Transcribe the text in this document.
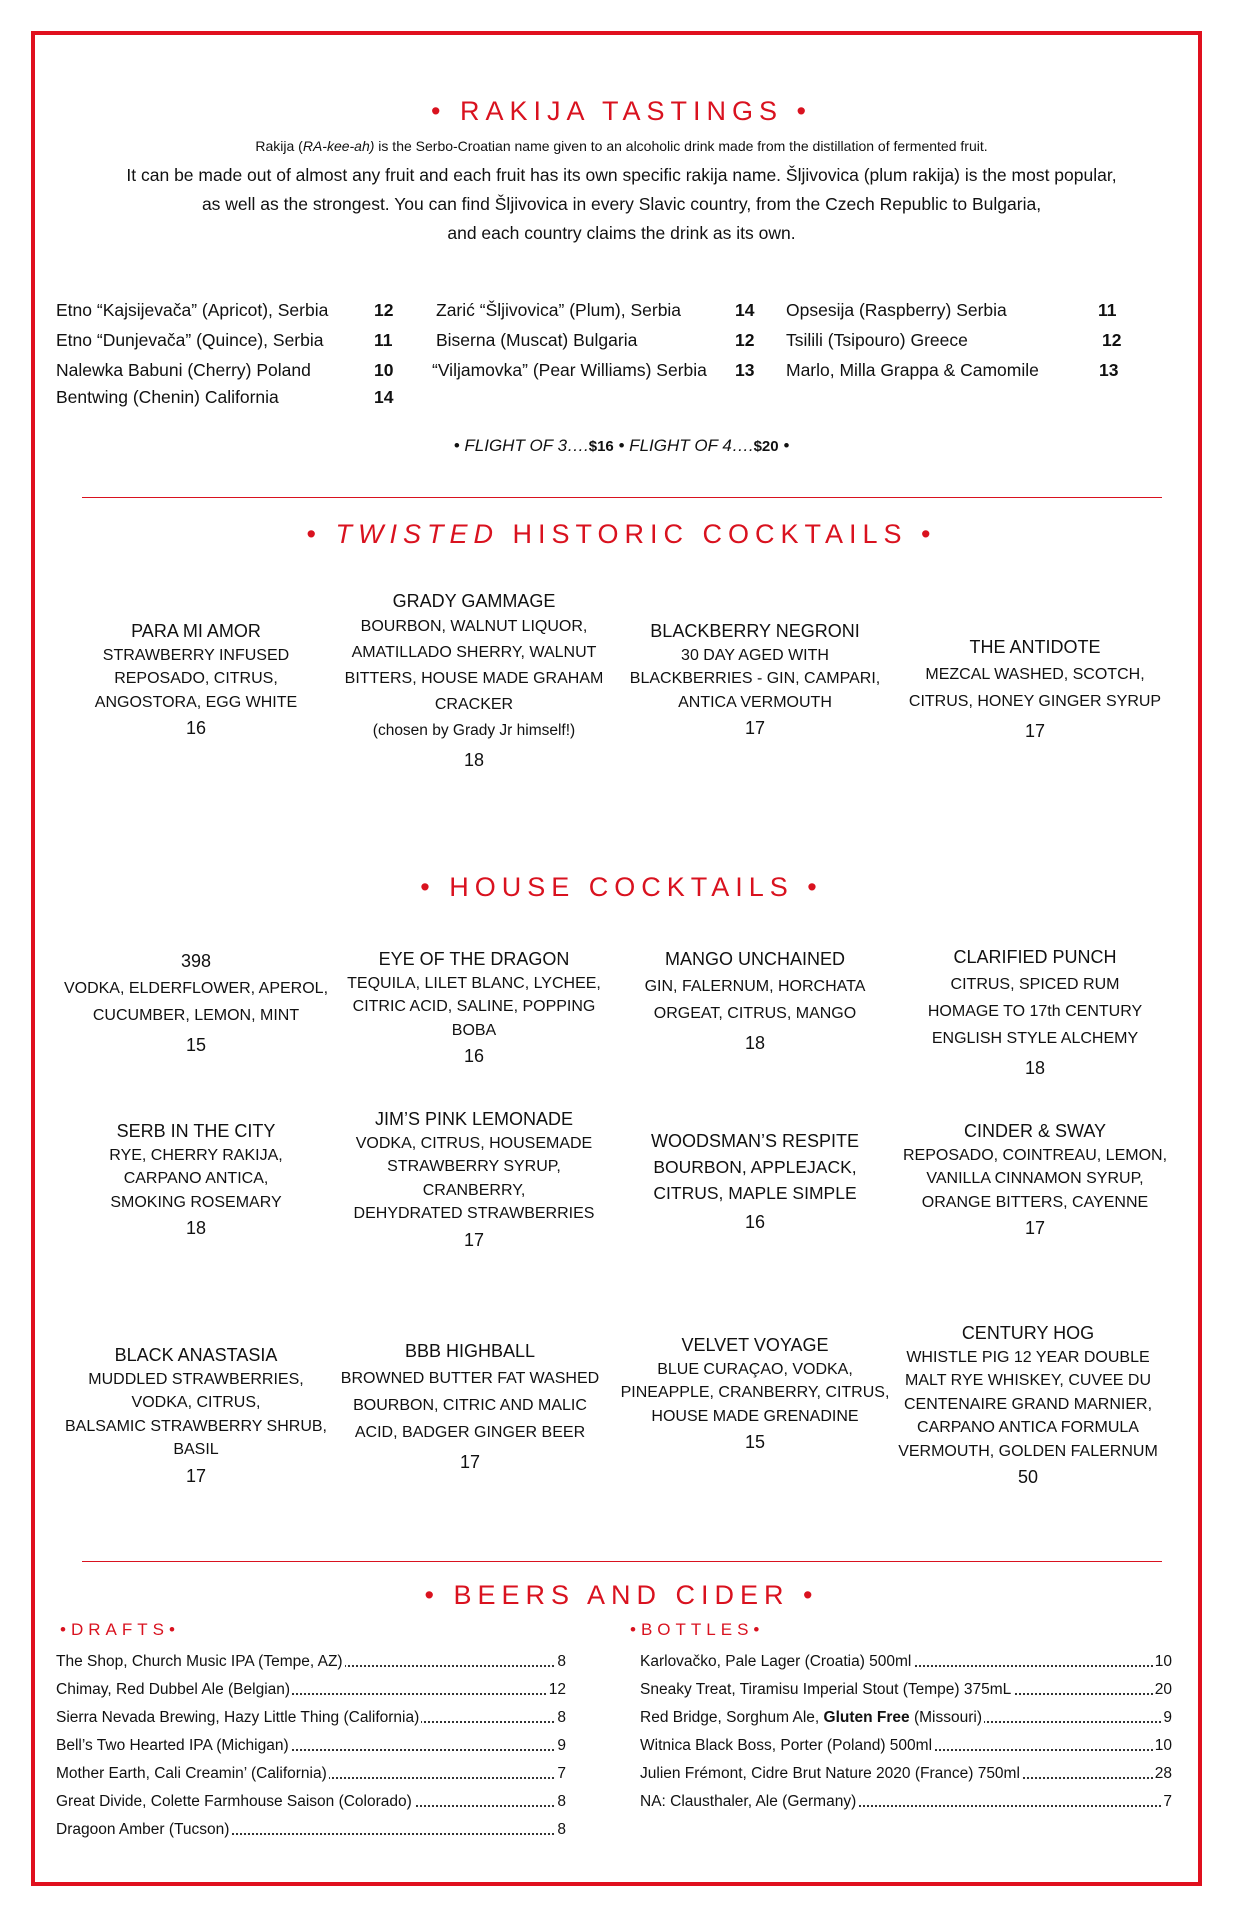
• RAKIJA TASTINGS •
Rakija (RA-kee-ah) is the Serbo-Croatian name given to an alcoholic drink made from the distillation of fermented fruit.
It can be made out of almost any fruit and each fruit has its own specific rakija name. Šljivovica (plum rakija) is the most popular,
as well as the strongest. You can find Šljivovica in every Slavic country, from the Czech Republic to Bulgaria,
and each country claims the drink as its own.
Etno “Kajsijevača” (Apricot), Serbia	12
Etno “Dunjevača” (Quince), Serbia	11
Nalewka Babuni (Cherry) Poland	10
Bentwing (Chenin) California	14
Zarić “Šljivovica” (Plum), Serbia	14
Biserna (Muscat) Bulgaria	12
“Viljamovka” (Pear Williams) Serbia 13
Opsesija (Raspberry) Serbia	11
Tsilili (Tsipouro) Greece	12
Marlo, Milla Grappa & Camomile	13
• FLIGHT OF 3….$16 • FLIGHT OF 4….$20 •
• TWISTED HISTORIC COCKTAILS •
PARA MI AMOR
STRAWBERRY INFUSED
REPOSADO, CITRUS,
ANGOSTORA, EGG WHITE
16
GRADY GAMMAGE
BOURBON, WALNUT LIQUOR,
AMATILLADO SHERRY, WALNUT
BITTERS, HOUSE MADE GRAHAM
CRACKER
(chosen by Grady Jr himself!)
18
BLACKBERRY NEGRONI
30 DAY AGED WITH
BLACKBERRIES - GIN, CAMPARI,
ANTICA VERMOUTH
17
THE ANTIDOTE
MEZCAL WASHED, SCOTCH,
CITRUS, HONEY GINGER SYRUP
17
• HOUSE COCKTAILS •
398
VODKA, ELDERFLOWER, APEROL,
CUCUMBER, LEMON, MINT
15
EYE OF THE DRAGON
TEQUILA, LILET BLANC, LYCHEE,
CITRIC ACID, SALINE, POPPING
BOBA
16
MANGO UNCHAINED
GIN, FALERNUM, HORCHATA
ORGEAT, CITRUS, MANGO
18
CLARIFIED PUNCH
CITRUS, SPICED RUM
HOMAGE TO 17th CENTURY
ENGLISH STYLE ALCHEMY
18
SERB IN THE CITY
RYE, CHERRY RAKIJA,
CARPANO ANTICA,
SMOKING ROSEMARY
18
JIM’S PINK LEMONADE
VODKA, CITRUS, HOUSEMADE
STRAWBERRY SYRUP, CRANBERRY,
DEHYDRATED STRAWBERRIES
17
WOODSMAN’S RESPITE
BOURBON, APPLEJACK,
CITRUS, MAPLE SIMPLE
16
CINDER & SWAY
REPOSADO, COINTREAU, LEMON,
VANILLA CINNAMON SYRUP,
ORANGE BITTERS, CAYENNE
17
BLACK ANASTASIA
MUDDLED STRAWBERRIES,
VODKA, CITRUS,
BALSAMIC STRAWBERRY SHRUB,
BASIL
17
BBB HIGHBALL
BROWNED BUTTER FAT WASHED
BOURBON, CITRIC AND MALIC
ACID, BADGER GINGER BEER
17
VELVET VOYAGE
BLUE CURAÇAO, VODKA,
PINEAPPLE, CRANBERRY, CITRUS,
HOUSE MADE GRENADINE
15
CENTURY HOG
WHISTLE PIG 12 YEAR DOUBLE
MALT RYE WHISKEY, CUVEE DU
CENTENAIRE GRAND MARNIER,
CARPANO ANTICA FORMULA
VERMOUTH, GOLDEN FALERNUM
50
• BEERS AND CIDER •
•DRAFTS•	•BOTTLES•
The Shop, Church Music IPA (Tempe, AZ)	8
Chimay, Red Dubbel Ale (Belgian)	12
Sierra Nevada Brewing, Hazy Little Thing (California)	8
Bell’s Two Hearted IPA (Michigan)	9
Mother Earth, Cali Creamin’ (California)	7
Great Divide, Colette Farmhouse Saison (Colorado)	8
Dragoon Amber (Tucson)	8
Karlovačko, Pale Lager (Croatia) 500ml	10
Sneaky Treat, Tiramisu Imperial Stout (Tempe) 375mL	20
Red Bridge, Sorghum Ale, Gluten Free (Missouri)	9
Witnica Black Boss, Porter (Poland) 500ml	10
Julien Frémont, Cidre Brut Nature 2020 (France) 750ml	28
NA: Clausthaler, Ale (Germany)	7
